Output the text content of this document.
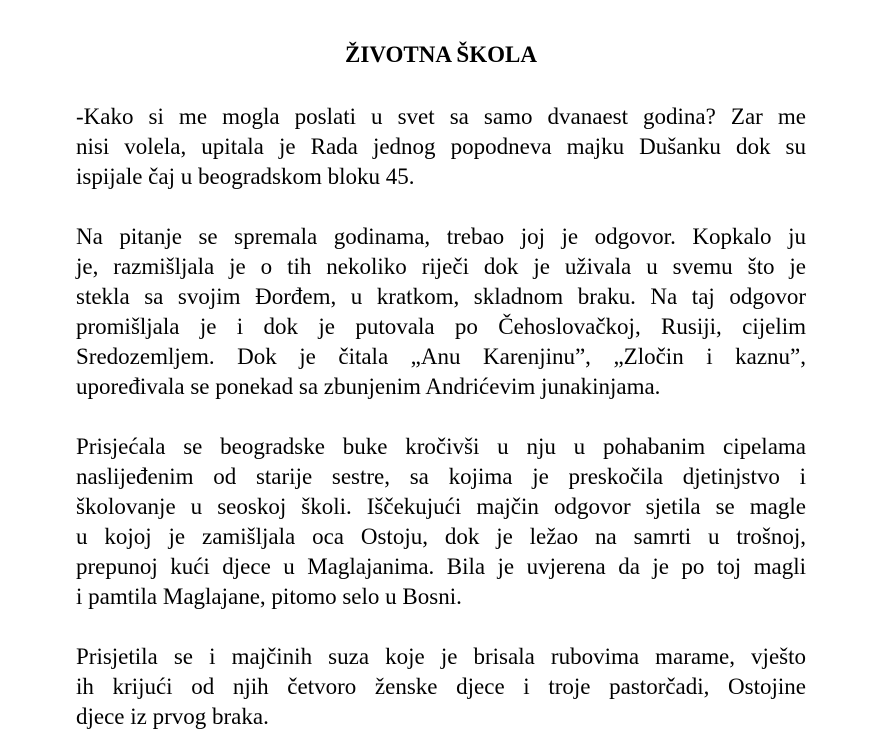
ŽIVOTNA ŠKOLA

-Kako si me mogla poslati u svet sa samo dvanaest godina? Zar me
nisi volela, upitala je Rada jednog popodneva majku Dušanku dok su
ispijale čaj u beogradskom bloku 45.

Na pitanje se spremala godinama, trebao joj je odgovor. Kopkalo ju
je, razmišljala je o tih nekoliko riječi dok je uživala u svemu što je
stekla sa svojim Đorđem, u kratkom, skladnom braku. Na taj odgovor
promišljala je i dok je putovala po Čehoslovačkoj, Rusiji, cijelim
Sredozemljem. Dok je čitala „Anu Karenjinu”, „Zločin i kaznu”,
upoređivala se ponekad sa zbunjenim Andrićevim junakinjama.

Prisjećala se beogradske buke kročivši u nju u pohabanim cipelama
naslijeđenim od starije sestre, sa kojima je preskočila djetinjstvo i
školovanje u seoskoj školi. Iščekujući majčin odgovor sjetila se magle
u kojoj je zamišljala oca Ostoju, dok je ležao na samrti u trošnoj,
prepunoj kući djece u Maglajanima. Bila je uvjerena da je po toj magli
i pamtila Maglajane, pitomo selo u Bosni.

Prisjetila se i majčinih suza koje je brisala rubovima marame, vješto
ih krijući od njih četvoro ženske djece i troje pastorčadi, Ostojine
djece iz prvog braka.
